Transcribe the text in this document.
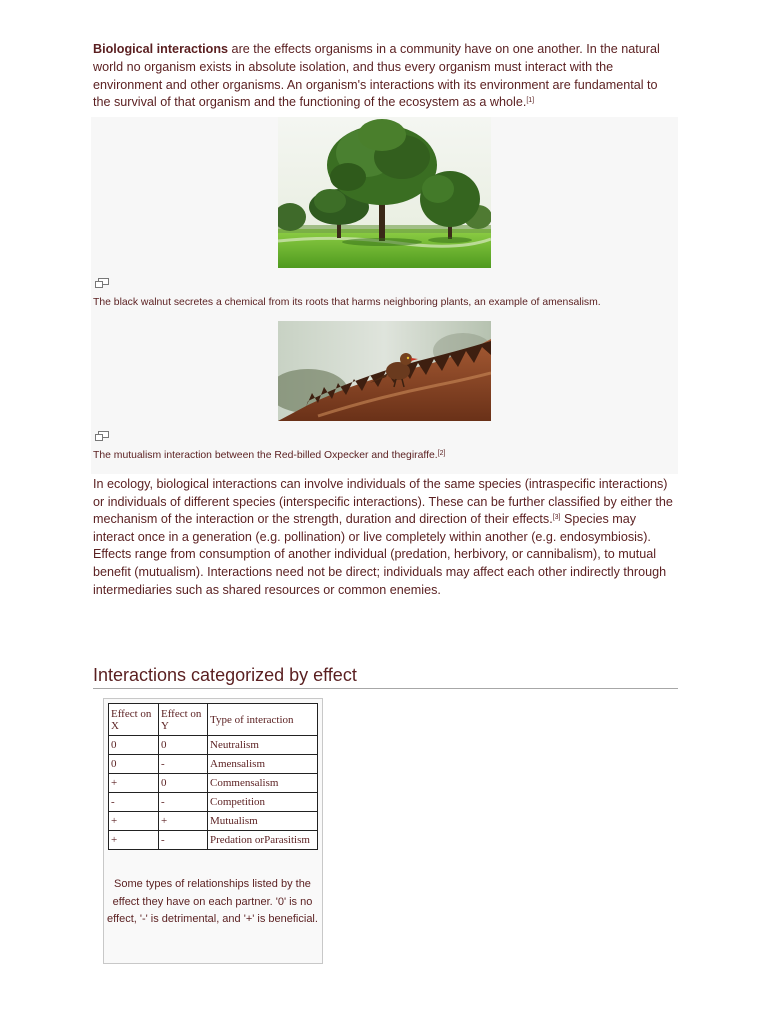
Biological interactions are the effects organisms in a community have on one another. In the natural world no organism exists in absolute isolation, and thus every organism must interact with the environment and other organisms. An organism's interactions with its environment are fundamental to the survival of that organism and the functioning of the ecosystem as a whole.[1]

The black walnut secretes a chemical from its roots that harms neighboring plants, an example of amensalism.
The mutualism interaction between the Red-billed Oxpecker and thegiraffe.[2]

In ecology, biological interactions can involve individuals of the same species (intraspecific interactions) or individuals of different species (interspecific interactions). These can be further classified by either the mechanism of the interaction or the strength, duration and direction of their effects.[3] Species may interact once in a generation (e.g. pollination) or live completely within another (e.g. endosymbiosis). Effects range from consumption of another individual (predation, herbivory, or cannibalism), to mutual benefit (mutualism). Interactions need not be direct; individuals may affect each other indirectly through intermediaries such as shared resources or common enemies.

Interactions categorized by effect
Effect on X	Effect on Y	Type of interaction
0	0	Neutralism
0	-	Amensalism
+	0	Commensalism
-	-	Competition
+	+	Mutualism
+	-	Predation orParasitism
Some types of relationships listed by the effect they have on each partner. '0' is no effect, '-' is detrimental, and '+' is beneficial.
